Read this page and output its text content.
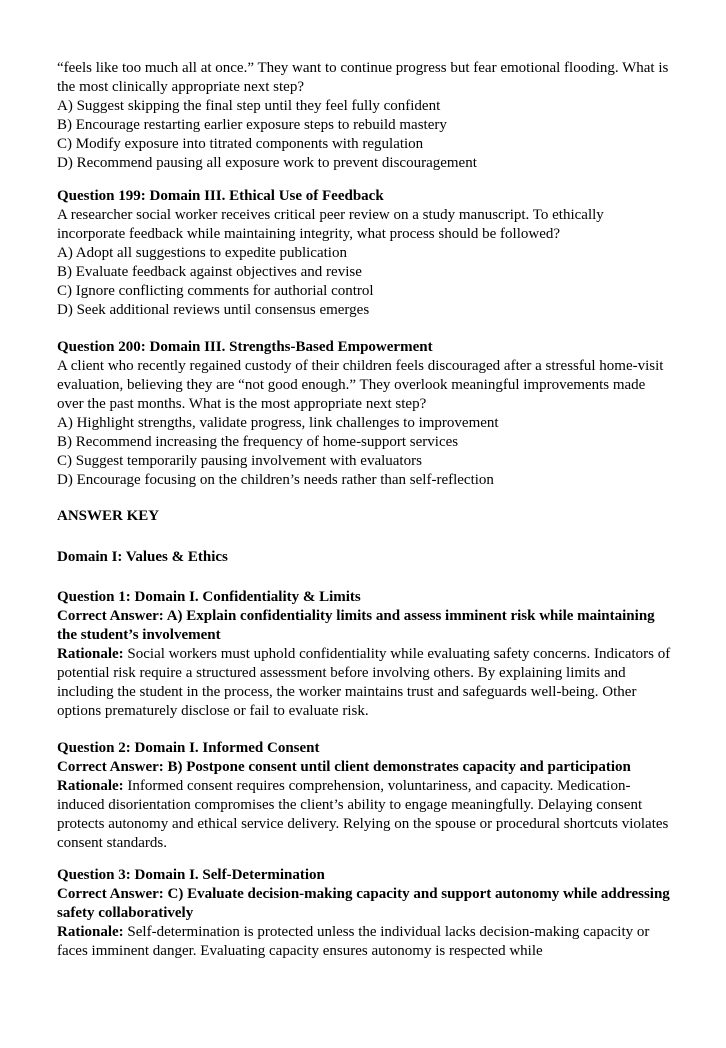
“feels like too much all at once.” They want to continue progress but fear emotional flooding. What is the most clinically appropriate next step?
A) Suggest skipping the final step until they feel fully confident
B) Encourage restarting earlier exposure steps to rebuild mastery
C) Modify exposure into titrated components with regulation
D) Recommend pausing all exposure work to prevent discouragement
Question 199: Domain III. Ethical Use of Feedback
A researcher social worker receives critical peer review on a study manuscript. To ethically incorporate feedback while maintaining integrity, what process should be followed?
A) Adopt all suggestions to expedite publication
B) Evaluate feedback against objectives and revise
C) Ignore conflicting comments for authorial control
D) Seek additional reviews until consensus emerges
Question 200: Domain III. Strengths-Based Empowerment
A client who recently regained custody of their children feels discouraged after a stressful home-visit evaluation, believing they are “not good enough.” They overlook meaningful improvements made over the past months. What is the most appropriate next step?
A) Highlight strengths, validate progress, link challenges to improvement
B) Recommend increasing the frequency of home-support services
C) Suggest temporarily pausing involvement with evaluators
D) Encourage focusing on the children’s needs rather than self-reflection
ANSWER KEY
Domain I: Values & Ethics
Question 1: Domain I. Confidentiality & Limits
Correct Answer: A) Explain confidentiality limits and assess imminent risk while maintaining the student’s involvement
Rationale: Social workers must uphold confidentiality while evaluating safety concerns. Indicators of potential risk require a structured assessment before involving others. By explaining limits and including the student in the process, the worker maintains trust and safeguards well-being. Other options prematurely disclose or fail to evaluate risk.
Question 2: Domain I. Informed Consent
Correct Answer: B) Postpone consent until client demonstrates capacity and participation
Rationale: Informed consent requires comprehension, voluntariness, and capacity. Medication-induced disorientation compromises the client’s ability to engage meaningfully. Delaying consent protects autonomy and ethical service delivery. Relying on the spouse or procedural shortcuts violates consent standards.
Question 3: Domain I. Self-Determination
Correct Answer: C) Evaluate decision-making capacity and support autonomy while addressing safety collaboratively
Rationale: Self-determination is protected unless the individual lacks decision-making capacity or faces imminent danger. Evaluating capacity ensures autonomy is respected while
